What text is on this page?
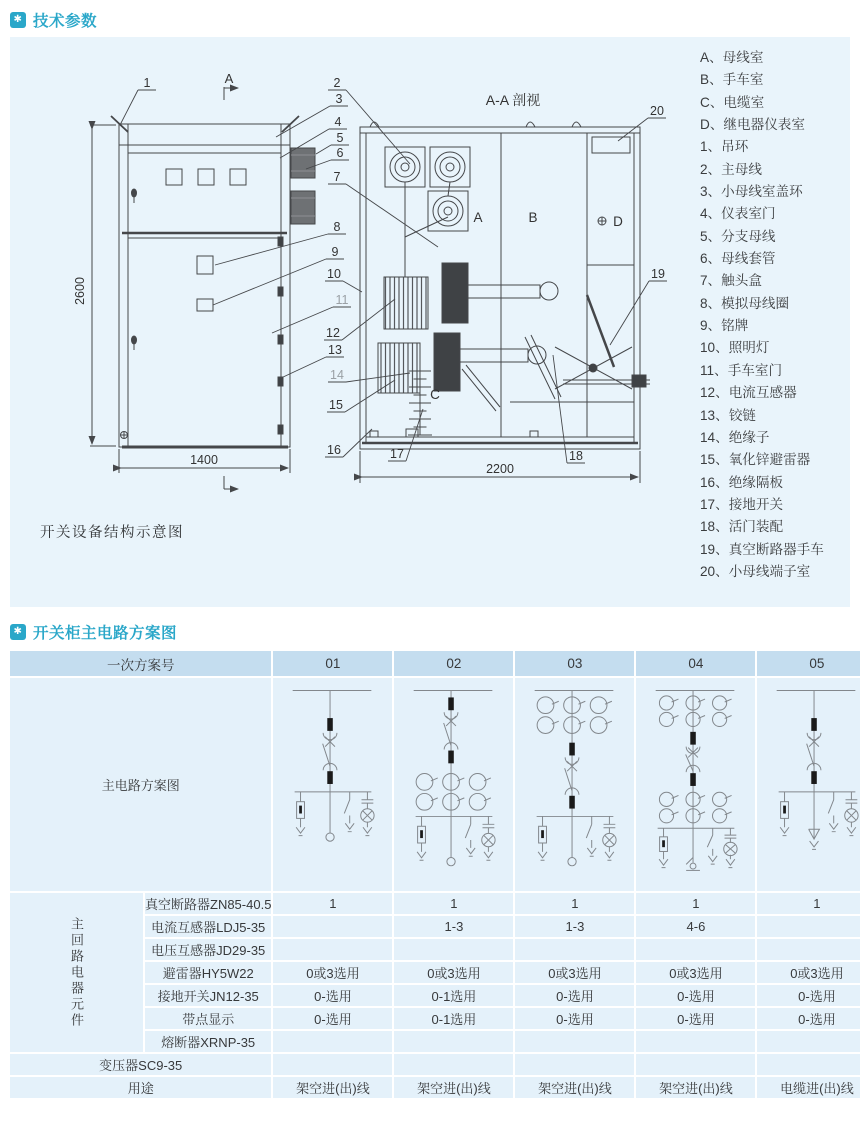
✱ 技术参数
A
A-A 剖视
2600
1400
2200
A	B
C
D
1	2
3
4
5
6
7
8
9
10
11
12
13
14
15
16	17	18
19
20
A、母线室
B、手车室
C、电缆室
D、继电器仪表室
1、吊环
2、主母线
3、小母线室盖环
4、仪表室门
5、分支母线
6、母线套管
7、触头盒
8、模拟母线圈
9、铭牌
10、照明灯
11、手车室门
12、电流互感器
13、铰链
14、绝缘子
15、氧化锌避雷器
16、绝缘隔板
17、接地开关
18、活门装配
19、真空断路器手车
20、小母线端子室
开关设备结构示意图
✱ 开关柜主电路方案图
一次方案号		01	02	03	04	05
主电路方案图					

主回路电器元件	真空断路器ZN85-40.5	1	1	1	1	1
	电流互感器LDJ5-35		1-3	1-3	4-6	
	电压互感器JD29-35					
	避雷器HY5W22	0或3选用	0或3选用	0或3选用	0或3选用	0或3选用
	接地开关JN12-35	0-选用	0-1选用	0-选用	0-选用	0-选用
	带点显示	0-选用	0-1选用	0-选用	0-选用	0-选用
	熔断器XRNP-35					
变压器SC9-35						
用途		架空进(出)线	架空进(出)线	架空进(出)线	架空进(出)线	电缆进(出)线
